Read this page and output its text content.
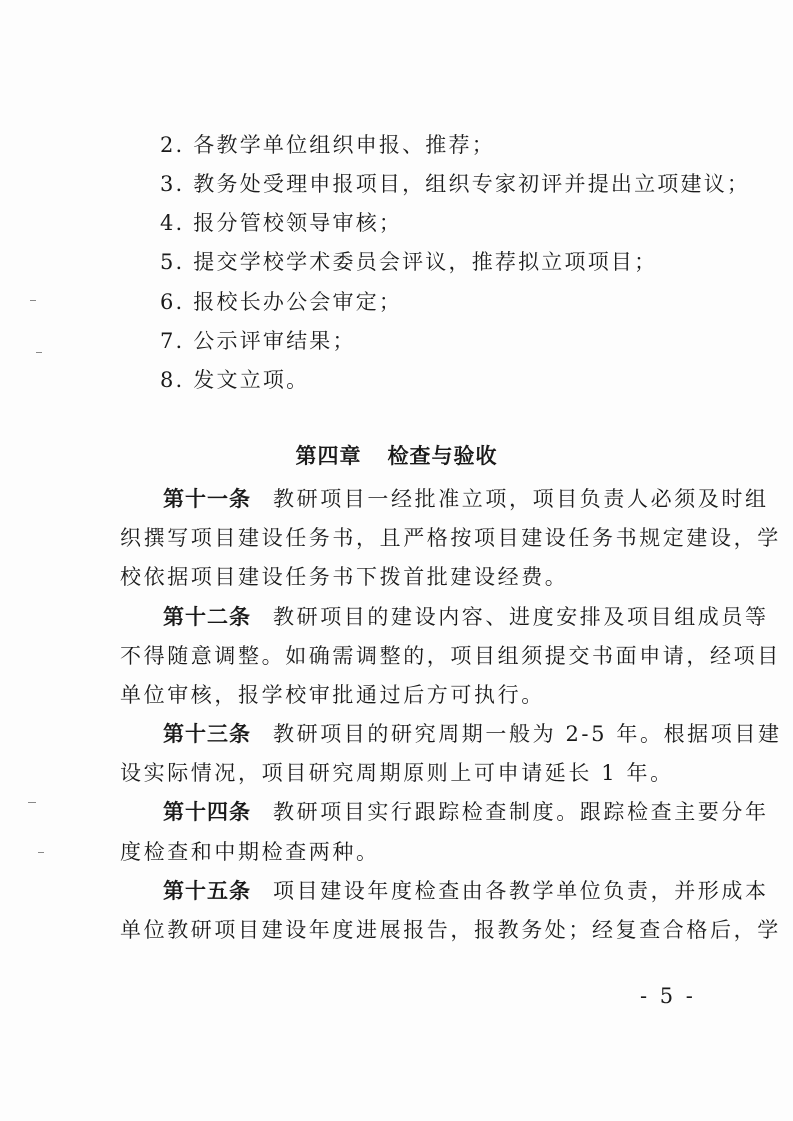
2. 各教学单位组织申报、推荐；
3. 教务处受理申报项目，组织专家初评并提出立项建议；
4. 报分管校领导审核；
5. 提交学校学术委员会评议，推荐拟立项项目；
6. 报校长办公会审定；
7. 公示评审结果；
8. 发文立项。
第四章 检查与验收
第十一条 教研项目一经批准立项，项目负责人必须及时组
织撰写项目建设任务书，且严格按项目建设任务书规定建设，学
校依据项目建设任务书下拨首批建设经费。
第十二条 教研项目的建设内容、进度安排及项目组成员等
不得随意调整。如确需调整的，项目组须提交书面申请，经项目
单位审核，报学校审批通过后方可执行。
第十三条 教研项目的研究周期一般为 2-5 年。根据项目建
设实际情况，项目研究周期原则上可申请延长 1 年。
第十四条 教研项目实行跟踪检查制度。跟踪检查主要分年
度检查和中期检查两种。
第十五条 项目建设年度检查由各教学单位负责，并形成本
单位教研项目建设年度进展报告，报教务处；经复查合格后，学
- 5 -
